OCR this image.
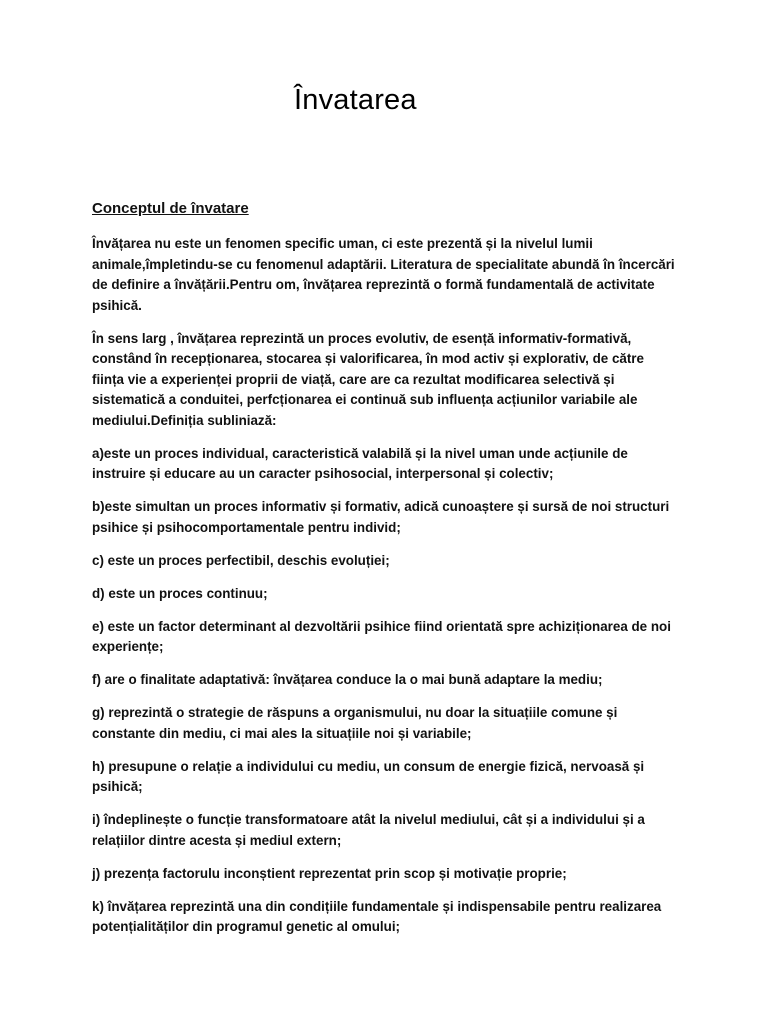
Învatarea
Conceptul de învatare

Învățarea nu este un fenomen specific uman, ci este prezentă și la nivelul lumii animale,împletindu-se cu fenomenul adaptării. Literatura de specialitate abundă în încercări de definire a învățării.Pentru om, învățarea reprezintă o formă fundamentală de activitate psihică.

În sens larg , învățarea reprezintă un proces evolutiv, de esență informativ-formativă, constând în recepționarea, stocarea și valorificarea, în mod activ și explorativ, de către ființa vie a experienței proprii de viață, care are ca rezultat modificarea selectivă și sistematică a conduitei, perfcționarea ei continuă sub influența acțiunilor variabile ale mediului.Definiția subliniază:

a)este un proces individual, caracteristică valabilă și la nivel uman unde acțiunile de instruire și educare au un caracter psihosocial, interpersonal și colectiv;

b)este simultan un proces informativ și formativ, adică cunoaștere și sursă de noi structuri psihice și psihocomportamentale pentru individ;

c) este un proces perfectibil, deschis evoluției;

d) este un proces continuu;

e) este un factor determinant al dezvoltării psihice fiind orientată spre achiziționarea de noi experiențe;

f) are o finalitate adaptativă: învățarea conduce la o mai bună adaptare la mediu;

g) reprezintă o strategie de răspuns a organismului, nu doar la situațiile comune și constante din mediu, ci mai ales la situațiile noi și variabile;

h) presupune o relație a individului cu mediu, un consum de energie fizică, nervoasă și psihică;

i) îndeplinește o funcție transformatoare atât la nivelul mediului, cât și a individului și a relațiilor dintre acesta și mediul extern;

j) prezența factorulu inconștient reprezentat prin scop și motivație proprie;

k) învățarea reprezintă una din condițiile fundamentale și indispensabile pentru realizarea potențialităților din programul genetic al omului;
